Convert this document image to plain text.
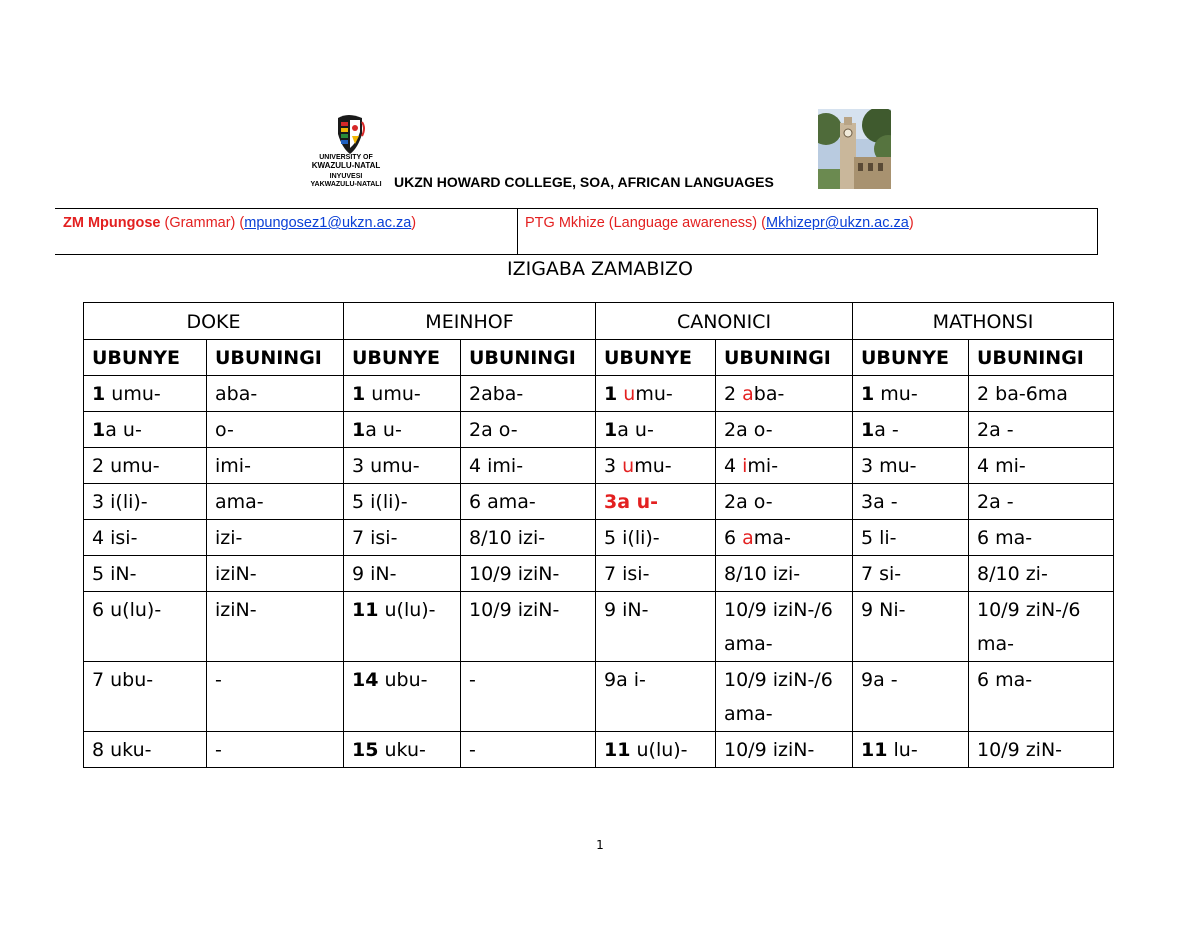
UNIVERSITY OF
KWAZULU-NATAL
INYUVESI
YAKWAZULU-NATALI UKZN HOWARD COLLEGE, SOA, AFRICAN LANGUAGES
ZM Mpungose (Grammar) (mpungosez1@ukzn.ac.za)	PTG Mkhize (Language awareness) (Mkhizepr@ukzn.ac.za)
IZIGABA ZAMABIZO
DOKE		MEINHOF		CANONICI		MATHONSI	
UBUNYE	UBUNINGI	UBUNYE	UBUNINGI	UBUNYE	UBUNINGI	UBUNYE	UBUNINGI
1 umu-	aba-	1 umu-	2aba-	1 umu-	2 aba-	1 mu-	2 ba-6ma
1a u-	o-	1a u-	2a o-	1a u-	2a o-	1a -	2a -
2 umu-	imi-	3 umu-	4 imi-	3 umu-	4 imi-	3 mu-	4 mi-
3 i(li)-	ama-	5 i(li)-	6 ama-	3a u-	2a o-	3a -	2a -
4 isi-	izi-	7 isi-	8/10 izi-	5 i(li)-	6 ama-	5 li-	6 ma-
5 iN-	iziN-	9 iN-	10/9 iziN-	7 isi-	8/10 izi-	7 si-	8/10 zi-
6 u(lu)-	iziN-	11 u(lu)-	10/9 iziN-	9 iN-	10/9 iziN-/6 ama-	9 Ni-	10/9 ziN-/6 ma-
7 ubu-	-	14 ubu-	-	9a i-	10/9 iziN-/6 ama-	9a -	6 ma-
8 uku-	-	15 uku-	-	11 u(lu)-	10/9 iziN-	11 lu-	10/9 ziN-
1
